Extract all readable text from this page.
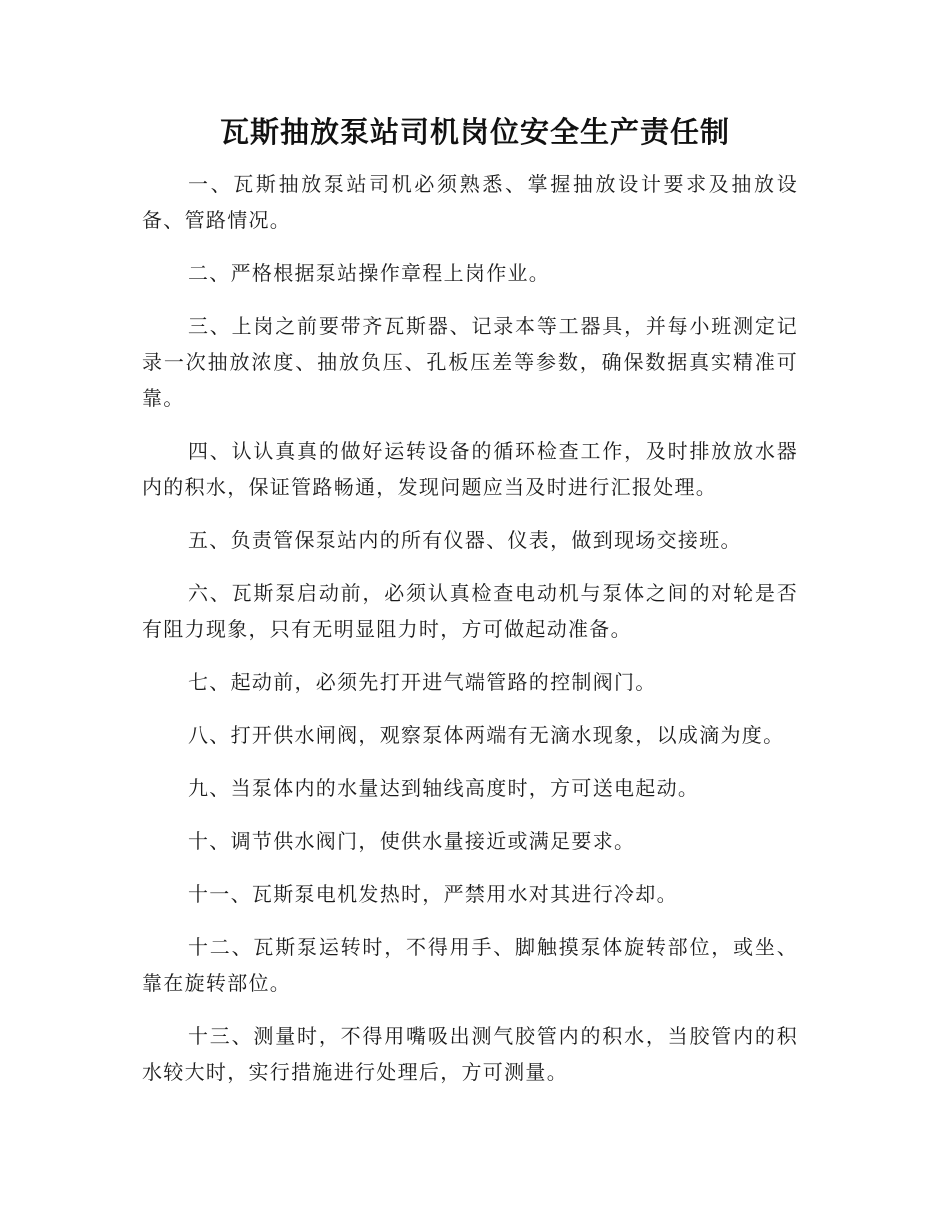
瓦斯抽放泵站司机岗位安全生产责任制

一、瓦斯抽放泵站司机必须熟悉、掌握抽放设计要求及抽放设备、管路情况。

二、严格根据泵站操作章程上岗作业。

三、上岗之前要带齐瓦斯器、记录本等工器具，并每小班测定记录一次抽放浓度、抽放负压、孔板压差等参数，确保数据真实精准可靠。

四、认认真真的做好运转设备的循环检查工作，及时排放放水器内的积水，保证管路畅通，发现问题应当及时进行汇报处理。

五、负责管保泵站内的所有仪器、仪表，做到现场交接班。

六、瓦斯泵启动前，必须认真检查电动机与泵体之间的对轮是否有阻力现象，只有无明显阻力时，方可做起动准备。

七、起动前，必须先打开进气端管路的控制阀门。

八、打开供水闸阀，观察泵体两端有无滴水现象，以成滴为度。

九、当泵体内的水量达到轴线高度时，方可送电起动。

十、调节供水阀门，使供水量接近或满足要求。

十一、瓦斯泵电机发热时，严禁用水对其进行冷却。

十二、瓦斯泵运转时，不得用手、脚触摸泵体旋转部位，或坐、靠在旋转部位。

十三、测量时，不得用嘴吸出测气胶管内的积水，当胶管内的积水较大时，实行措施进行处理后，方可测量。
